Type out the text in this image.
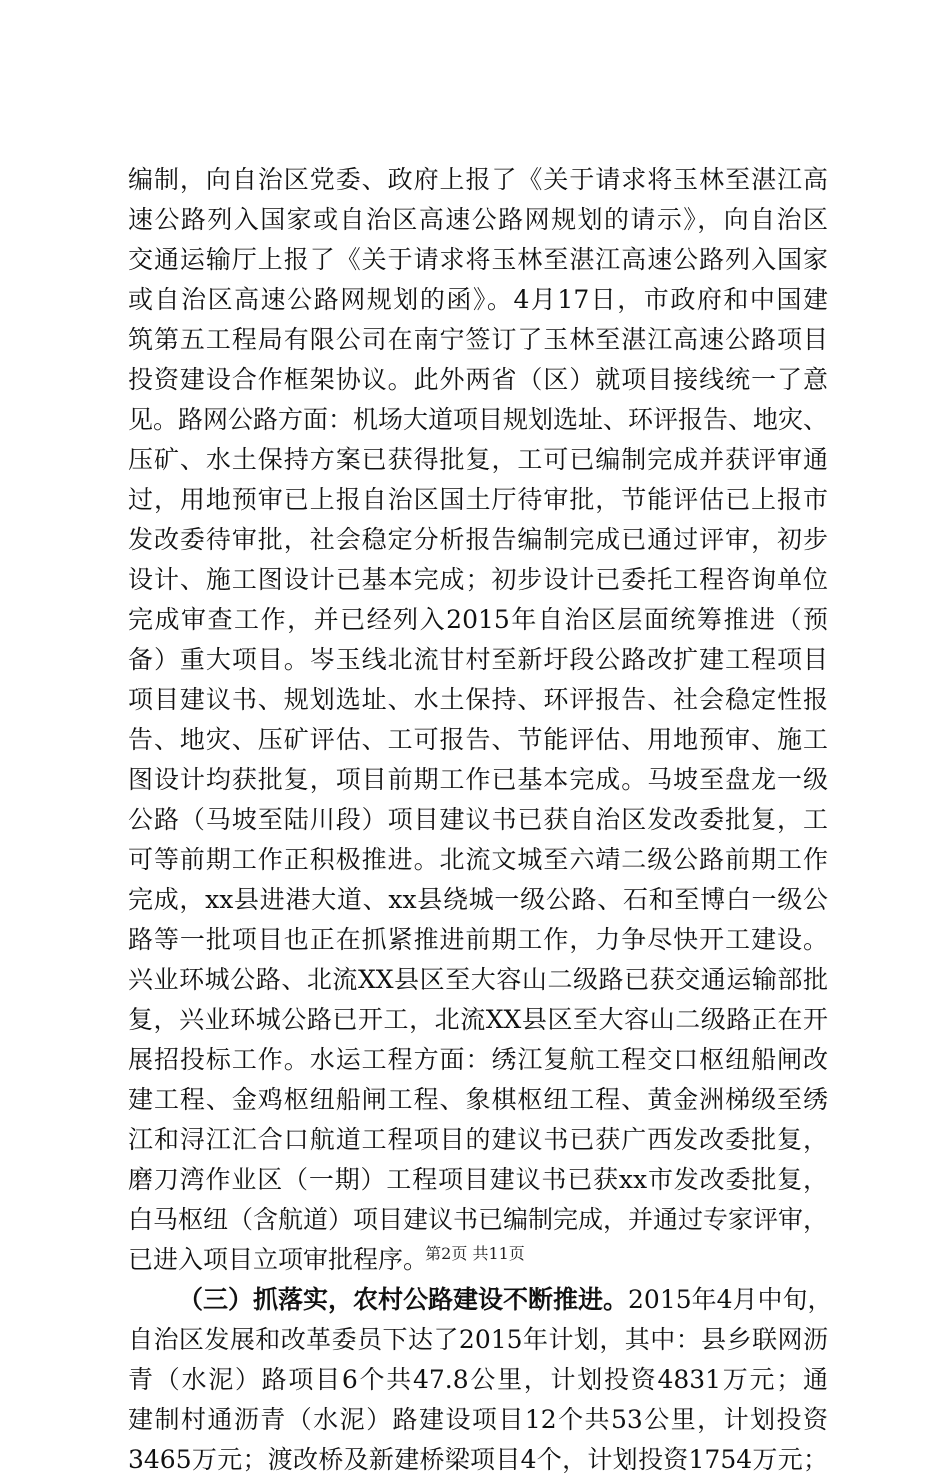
编制，向自治区党委、政府上报了《关于请求将玉林至湛江高
速公路列入国家或自治区高速公路网规划的请示》，向自治区
交通运输厅上报了《关于请求将玉林至湛江高速公路列入国家
或自治区高速公路网规划的函》。4月17日，市政府和中国建
筑第五工程局有限公司在南宁签订了玉林至湛江高速公路项目
投资建设合作框架协议。此外两省（区）就项目接线统一了意
见。路网公路方面：机场大道项目规划选址、环评报告、地灾、
压矿、水土保持方案已获得批复，工可已编制完成并获评审通
过，用地预审已上报自治区国土厅待审批，节能评估已上报市
发改委待审批，社会稳定分析报告编制完成已通过评审，初步
设计、施工图设计已基本完成；初步设计已委托工程咨询单位
完成审查工作，并已经列入2015年自治区层面统筹推进（预
备）重大项目。岑玉线北流甘村至新圩段公路改扩建工程项目
项目建议书、规划选址、水土保持、环评报告、社会稳定性报
告、地灾、压矿评估、工可报告、节能评估、用地预审、施工
图设计均获批复，项目前期工作已基本完成。马坡至盘龙一级
公路（马坡至陆川段）项目建议书已获自治区发改委批复，工
可等前期工作正积极推进。北流文城至六靖二级公路前期工作
完成，xx县进港大道、xx县绕城一级公路、石和至博白一级公
路等一批项目也正在抓紧推进前期工作，力争尽快开工建设。
兴业环城公路、北流XX县区至大容山二级路已获交通运输部批
复，兴业环城公路已开工，北流XX县区至大容山二级路正在开
展招投标工作。水运工程方面：绣江复航工程交口枢纽船闸改
建工程、金鸡枢纽船闸工程、象棋枢纽工程、黄金洲梯级至绣
江和浔江汇合口航道工程项目的建议书已获广西发改委批复，
磨刀湾作业区（一期）工程项目建议书已获xx市发改委批复，
白马枢纽（含航道）项目建议书已编制完成，并通过专家评审，
已进入项目立项审批程序。
（三）抓落实，农村公路建设不断推进。2015年4月中旬，
自治区发展和改革委员下达了2015年计划，其中：县乡联网沥
青（水泥）路项目6个共47.8公里，计划投资4831万元；通
建制村通沥青（水泥）路建设项目12个共53公里，计划投资
3465万元；渡改桥及新建桥梁项目4个，计划投资1754万元；
第2页 共11页
